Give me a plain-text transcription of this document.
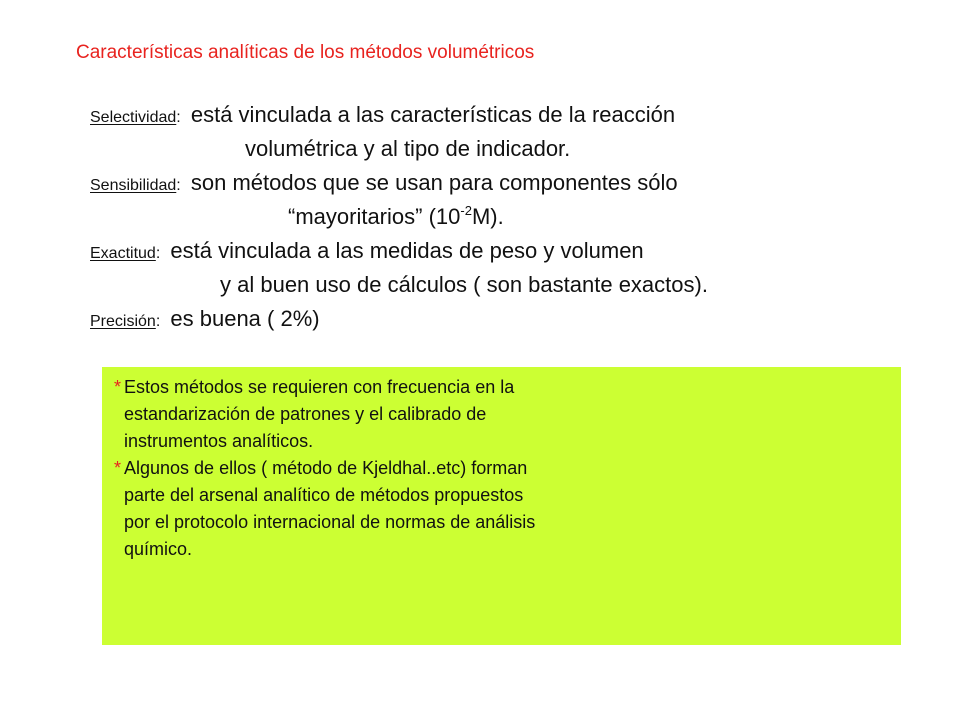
Características analíticas de los métodos volumétricos
Selectividad: está vinculada a las características de la reacción
volumétrica y al tipo de indicador.
Sensibilidad: son métodos que se usan para componentes sólo
“mayoritarios” $(10^{-2}M)$.
Exactitud: está vinculada a las medidas de peso y volumen
y al buen uso de cálculos ( son bastante exactos).
Precisión: es buena ( 2%)
* Estos métodos se requieren con frecuencia en la
estandarización de patrones y el calibrado de
instrumentos analíticos.
* Algunos de ellos ( método de Kjeldhal..etc) forman
parte del arsenal analítico de métodos propuestos
por el protocolo internacional de normas de análisis
químico.
